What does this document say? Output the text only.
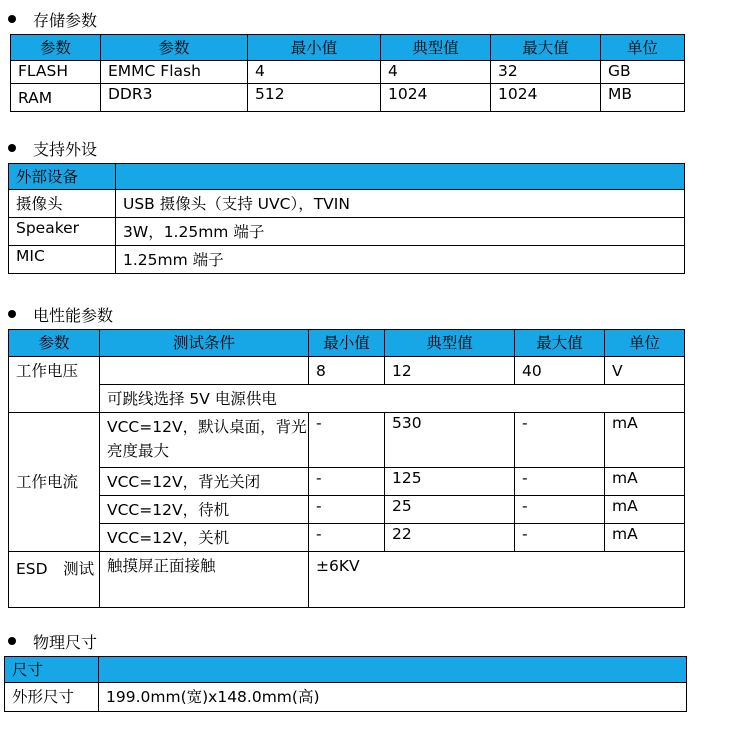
存储参数
参数	参数	最小值	典型值	最大值	单位
FLASH	EMMC Flash	4	4	32	GB
RAM	DDR3	512	1024	1024	MB
支持外设
外部设备	
摄像头	USB 摄像头（支持 UVC），TVIN
Speaker	3W，1.25mm 端子
MIC	1.25mm 端子
电性能参数
参数	测试条件	最小值	典型值	最大值	单位
工作电压		8	12	40	V
	可跳线选择 5V 电源供电				
工作电流	VCC=12V，默认桌面，背光亮度最大	-	530	-	mA
	VCC=12V，背光关闭	-	125	-	mA
	VCC=12V，待机	-	25	-	mA
	VCC=12V，关机	-	22	-	mA
ESD　测试	触摸屏正面接触	±6KV			
物理尺寸
尺寸	
外形尺寸	199.0mm(宽)x148.0mm(高)
